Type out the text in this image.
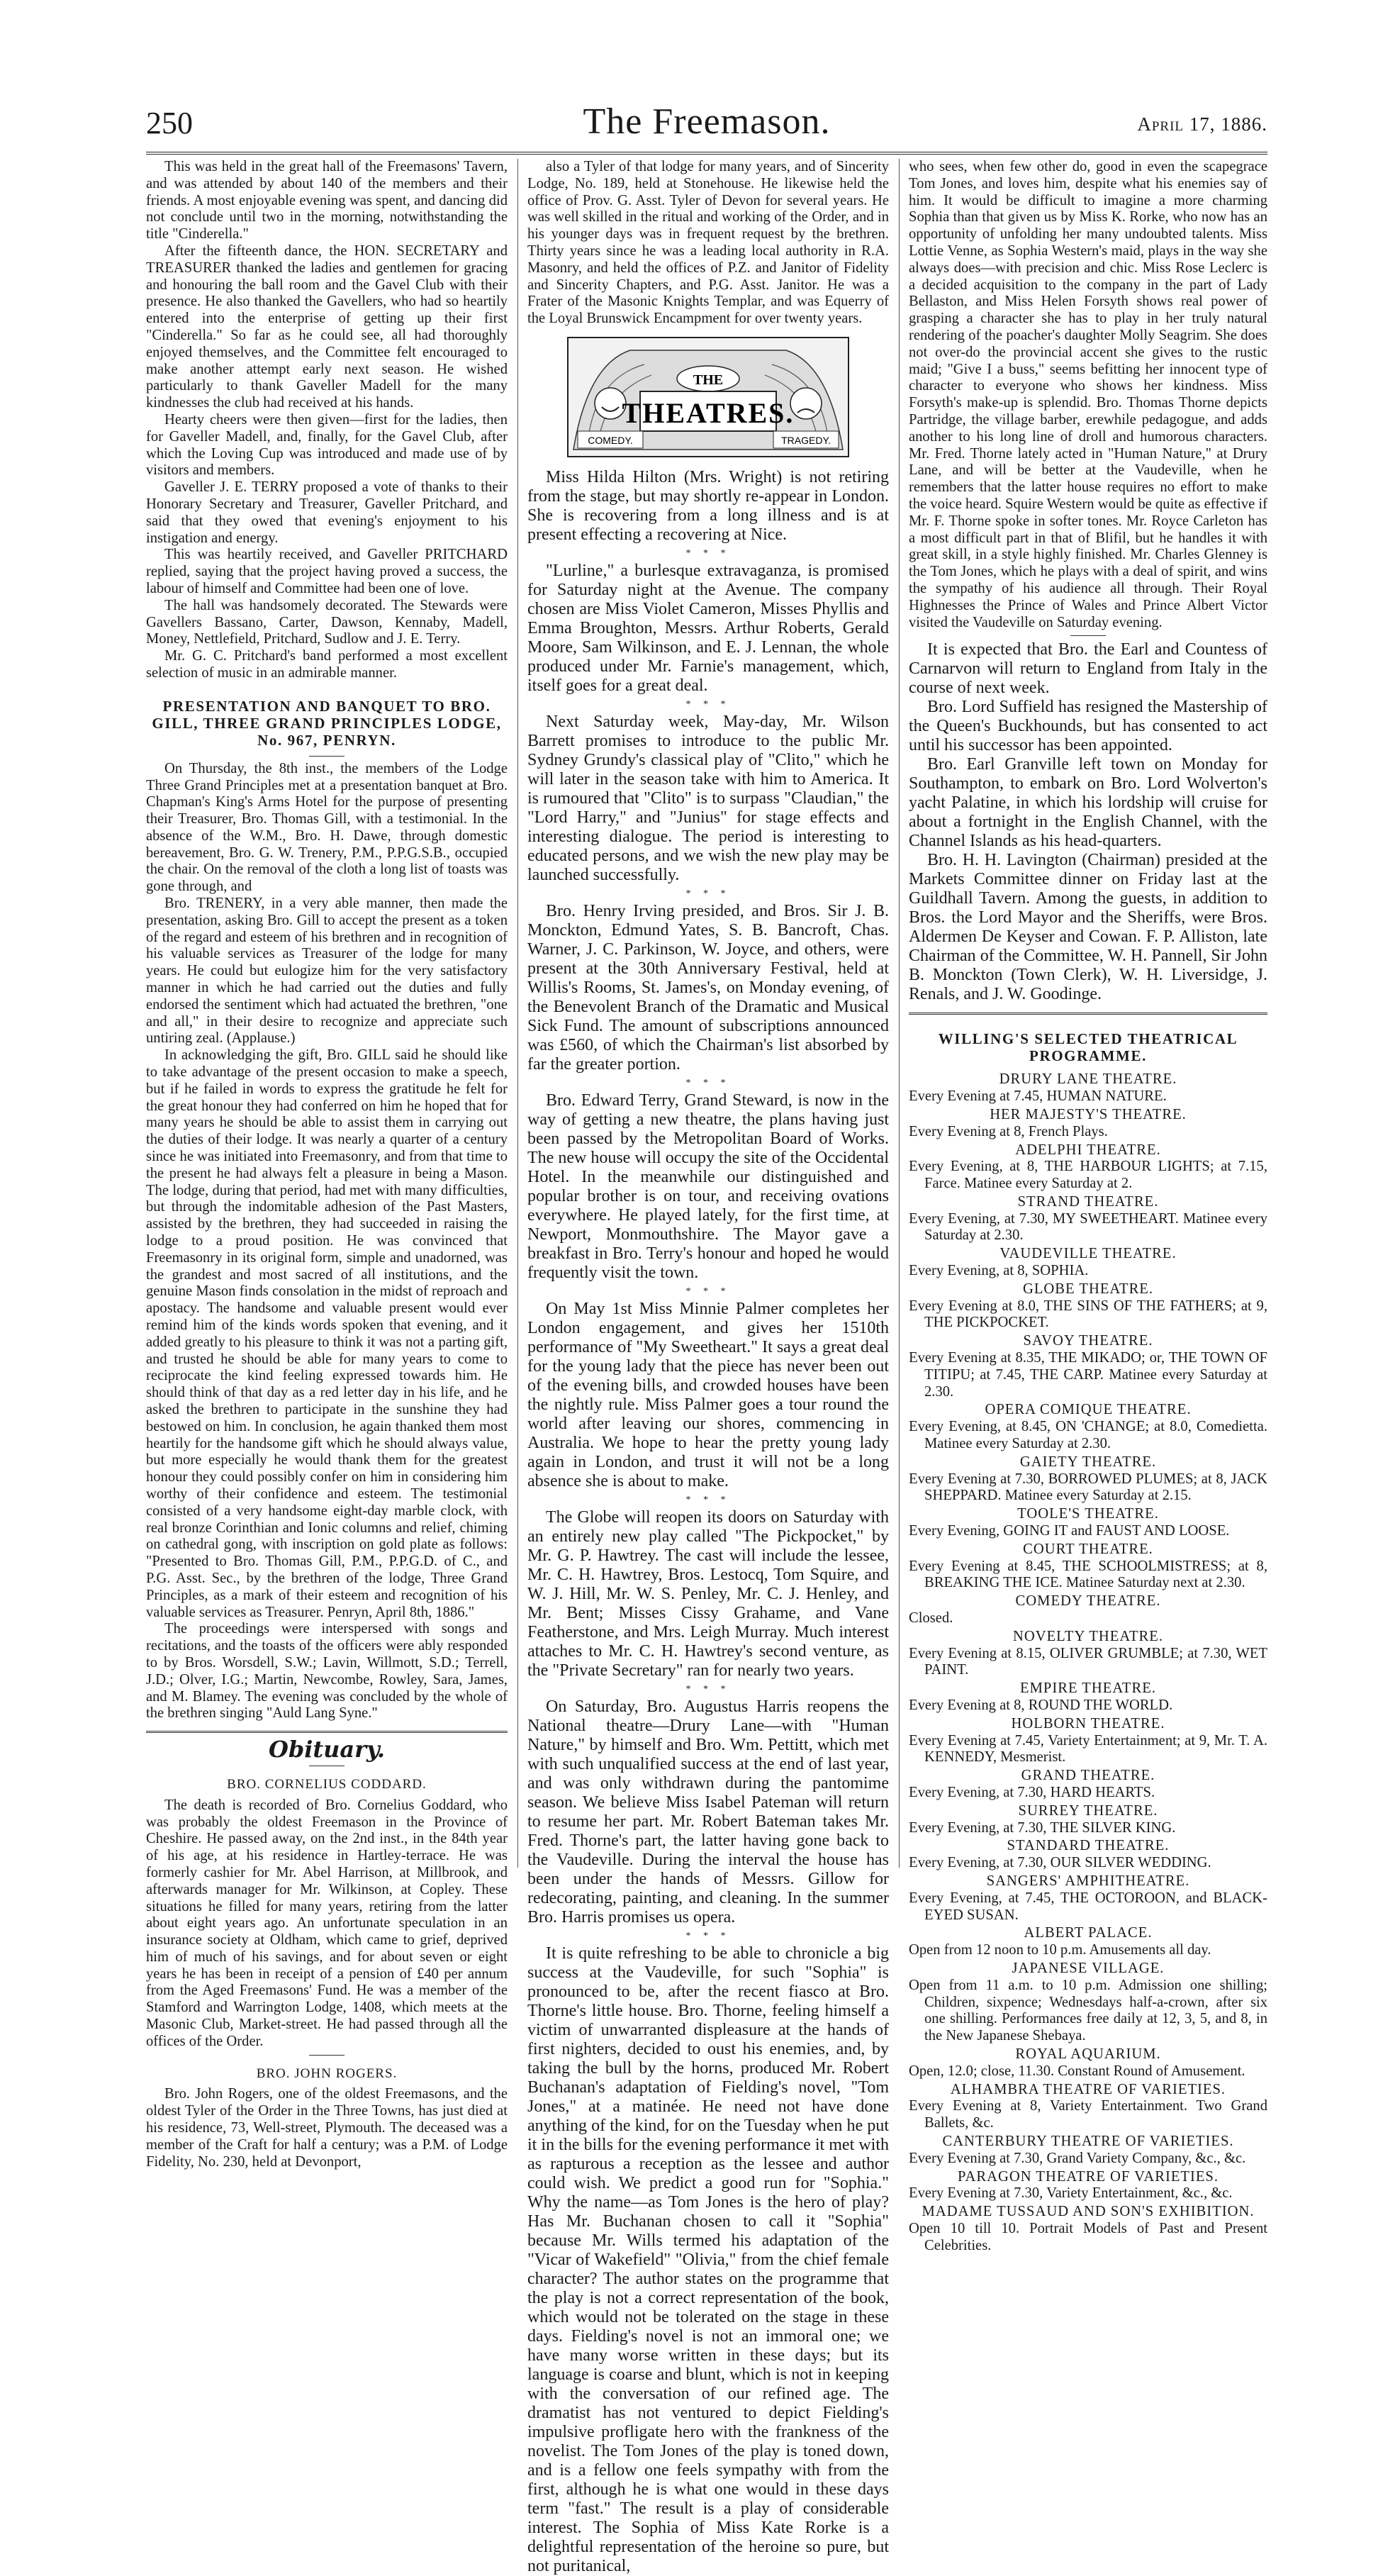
250	The Freemason.	April 17, 1886.

This was held in the great hall of the Freemasons' Tavern, and was attended by about 140 of the members and their friends. A most enjoyable evening was spent, and dancing did not conclude until two in the morning, notwithstanding the title "Cinderella."

After the fifteenth dance, the HON. SECRETARY and TREASURER thanked the ladies and gentlemen for gracing and honouring the ball room and the Gavel Club with their presence. He also thanked the Gavellers, who had so heartily entered into the enterprise of getting up their first "Cinderella." So far as he could see, all had thoroughly enjoyed themselves, and the Committee felt encouraged to make another attempt early next season. He wished particularly to thank Gaveller Madell for the many kindnesses the club had received at his hands.

Hearty cheers were then given—first for the ladies, then for Gaveller Madell, and, finally, for the Gavel Club, after which the Loving Cup was introduced and made use of by visitors and members.

Gaveller J. E. TERRY proposed a vote of thanks to their Honorary Secretary and Treasurer, Gaveller Pritchard, and said that they owed that evening's enjoyment to his instigation and energy.

This was heartily received, and Gaveller PRITCHARD replied, saying that the project having proved a success, the labour of himself and Committee had been one of love.

The hall was handsomely decorated. The Stewards were Gavellers Bassano, Carter, Dawson, Kennaby, Madell, Money, Nettlefield, Pritchard, Sudlow and J. E. Terry.

Mr. G. C. Pritchard's band performed a most excellent selection of music in an admirable manner.

PRESENTATION AND BANQUET TO BRO. GILL, THREE GRAND PRINCIPLES LODGE, No. 967, PENRYN.

On Thursday, the 8th inst., the members of the Lodge Three Grand Principles met at a presentation banquet at Bro. Chapman's King's Arms Hotel for the purpose of presenting their Treasurer, Bro. Thomas Gill, with a testimonial. In the absence of the W.M., Bro. H. Dawe, through domestic bereavement, Bro. G. W. Trenery, P.M., P.P.G.S.B., occupied the chair. On the removal of the cloth a long list of toasts was gone through, and

Bro. TRENERY, in a very able manner, then made the presentation, asking Bro. Gill to accept the present as a token of the regard and esteem of his brethren and in recognition of his valuable services as Treasurer of the lodge for many years. He could but eulogize him for the very satisfactory manner in which he had carried out the duties and fully endorsed the sentiment which had actuated the brethren, "one and all," in their desire to recognize and appreciate such untiring zeal. (Applause.)

In acknowledging the gift, Bro. GILL said he should like to take advantage of the present occasion to make a speech, but if he failed in words to express the gratitude he felt for the great honour they had conferred on him he hoped that for many years he should be able to assist them in carrying out the duties of their lodge. It was nearly a quarter of a century since he was initiated into Freemasonry, and from that time to the present he had always felt a pleasure in being a Mason. The lodge, during that period, had met with many difficulties, but through the indomitable adhesion of the Past Masters, assisted by the brethren, they had succeeded in raising the lodge to a proud position. He was convinced that Freemasonry in its original form, simple and unadorned, was the grandest and most sacred of all institutions, and the genuine Mason finds consolation in the midst of reproach and apostacy. The handsome and valuable present would ever remind him of the kinds words spoken that evening, and it added greatly to his pleasure to think it was not a parting gift, and trusted he should be able for many years to come to reciprocate the kind feeling expressed towards him. He should think of that day as a red letter day in his life, and he asked the brethren to participate in the sunshine they had bestowed on him. In conclusion, he again thanked them most heartily for the handsome gift which he should always value, but more especially he would thank them for the greatest honour they could possibly confer on him in considering him worthy of their confidence and esteem. The testimonial consisted of a very handsome eight-day marble clock, with real bronze Corinthian and Ionic columns and relief, chiming on cathedral gong, with inscription on gold plate as follows: "Presented to Bro. Thomas Gill, P.M., P.P.G.D. of C., and P.G. Asst. Sec., by the brethren of the lodge, Three Grand Principles, as a mark of their esteem and recognition of his valuable services as Treasurer. Penryn, April 8th, 1886."

The proceedings were interspersed with songs and recitations, and the toasts of the officers were ably responded to by Bros. Worsdell, S.W.; Lavin, Willmott, S.D.; Terrell, J.D.; Olver, I.G.; Martin, Newcombe, Rowley, Sara, James, and M. Blamey. The evening was concluded by the whole of the brethren singing "Auld Lang Syne."

Obituary.
BRO. CORNELIUS CODDARD.

The death is recorded of Bro. Cornelius Goddard, who was probably the oldest Freemason in the Province of Cheshire. He passed away, on the 2nd inst., in the 84th year of his age, at his residence in Hartley-terrace. He was formerly cashier for Mr. Abel Harrison, at Millbrook, and afterwards manager for Mr. Wilkinson, at Copley. These situations he filled for many years, retiring from the latter about eight years ago. An unfortunate speculation in an insurance society at Oldham, which came to grief, deprived him of much of his savings, and for about seven or eight years he has been in receipt of a pension of £40 per annum from the Aged Freemasons' Fund. He was a member of the Stamford and Warrington Lodge, 1408, which meets at the Masonic Club, Market-street. He had passed through all the offices of the Order.

BRO. JOHN ROGERS.

Bro. John Rogers, one of the oldest Freemasons, and the oldest Tyler of the Order in the Three Towns, has just died at his residence, 73, Well-street, Plymouth. The deceased was a member of the Craft for half a century; was a P.M. of Lodge Fidelity, No. 230, held at Devonport,

also a Tyler of that lodge for many years, and of Sincerity Lodge, No. 189, held at Stonehouse. He likewise held the office of Prov. G. Asst. Tyler of Devon for several years. He was well skilled in the ritual and working of the Order, and in his younger days was in frequent request by the brethren. Thirty years since he was a leading local authority in R.A. Masonry, and held the offices of P.Z. and Janitor of Fidelity and Sincerity Chapters, and P.G. Asst. Janitor. He was a Frater of the Masonic Knights Templar, and was Equerry of the Loyal Brunswick Encampment for over twenty years.

THE
THEATRES.
COMEDY.	TRAGEDY.

Miss Hilda Hilton (Mrs. Wright) is not retiring from the stage, but may shortly re-appear in London. She is recovering from a long illness and is at present effecting a recovering at Nice.

* * *

"Lurline," a burlesque extravaganza, is promised for Saturday night at the Avenue. The company chosen are Miss Violet Cameron, Misses Phyllis and Emma Broughton, Messrs. Arthur Roberts, Gerald Moore, Sam Wilkinson, and E. J. Lennan, the whole produced under Mr. Farnie's management, which, itself goes for a great deal.

* * *

Next Saturday week, May-day, Mr. Wilson Barrett promises to introduce to the public Mr. Sydney Grundy's classical play of "Clito," which he will later in the season take with him to America. It is rumoured that "Clito" is to surpass "Claudian," the "Lord Harry," and "Junius" for stage effects and interesting dialogue. The period is interesting to educated persons, and we wish the new play may be launched successfully.

* * *

Bro. Henry Irving presided, and Bros. Sir J. B. Monckton, Edmund Yates, S. B. Bancroft, Chas. Warner, J. C. Parkinson, W. Joyce, and others, were present at the 30th Anniversary Festival, held at Willis's Rooms, St. James's, on Monday evening, of the Benevolent Branch of the Dramatic and Musical Sick Fund. The amount of subscriptions announced was £560, of which the Chairman's list absorbed by far the greater portion.

* * *

Bro. Edward Terry, Grand Steward, is now in the way of getting a new theatre, the plans having just been passed by the Metropolitan Board of Works. The new house will occupy the site of the Occidental Hotel. In the meanwhile our distinguished and popular brother is on tour, and receiving ovations everywhere. He played lately, for the first time, at Newport, Monmouthshire. The Mayor gave a breakfast in Bro. Terry's honour and hoped he would frequently visit the town.

* * *

On May 1st Miss Minnie Palmer completes her London engagement, and gives her 1510th performance of "My Sweetheart." It says a great deal for the young lady that the piece has never been out of the evening bills, and crowded houses have been the nightly rule. Miss Palmer goes a tour round the world after leaving our shores, commencing in Australia. We hope to hear the pretty young lady again in London, and trust it will not be a long absence she is about to make.

* * *

The Globe will reopen its doors on Saturday with an entirely new play called "The Pickpocket," by Mr. G. P. Hawtrey. The cast will include the lessee, Mr. C. H. Hawtrey, Bros. Lestocq, Tom Squire, and W. J. Hill, Mr. W. S. Penley, Mr. C. J. Henley, and Mr. Bent; Misses Cissy Grahame, and Vane Featherstone, and Mrs. Leigh Murray. Much interest attaches to Mr. C. H. Hawtrey's second venture, as the "Private Secretary" ran for nearly two years.

* * *

On Saturday, Bro. Augustus Harris reopens the National theatre—Drury Lane—with "Human Nature," by himself and Bro. Wm. Pettitt, which met with such unqualified success at the end of last year, and was only withdrawn during the pantomime season. We believe Miss Isabel Pateman will return to resume her part. Mr. Robert Bateman takes Mr. Fred. Thorne's part, the latter having gone back to the Vaudeville. During the interval the house has been under the hands of Messrs. Gillow for redecorating, painting, and cleaning. In the summer Bro. Harris promises us opera.

* * *

It is quite refreshing to be able to chronicle a big success at the Vaudeville, for such "Sophia" is pronounced to be, after the recent fiasco at Bro. Thorne's little house. Bro. Thorne, feeling himself a victim of unwarranted displeasure at the hands of first nighters, decided to oust his enemies, and, by taking the bull by the horns, produced Mr. Robert Buchanan's adaptation of Fielding's novel, "Tom Jones," at a matinée. He need not have done anything of the kind, for on the Tuesday when he put it in the bills for the evening performance it met with as rapturous a reception as the lessee and author could wish. We predict a good run for "Sophia." Why the name—as Tom Jones is the hero of play? Has Mr. Buchanan chosen to call it "Sophia" because Mr. Wills termed his adaptation of the "Vicar of Wakefield" "Olivia," from the chief female character? The author states on the programme that the play is not a correct representation of the book, which would not be tolerated on the stage in these days. Fielding's novel is not an immoral one; we have many worse written in these days; but its language is coarse and blunt, which is not in keeping with the conversation of our refined age. The dramatist has not ventured to depict Fielding's impulsive profligate hero with the frankness of the novelist. The Tom Jones of the play is toned down, and is a fellow one feels sympathy with from the first, although he is what one would in these days term "fast." The result is a play of considerable interest. The Sophia of Miss Kate Rorke is a delightful representation of the heroine so pure, but not puritanical,

who sees, when few other do, good in even the scapegrace Tom Jones, and loves him, despite what his enemies say of him. It would be difficult to imagine a more charming Sophia than that given us by Miss K. Rorke, who now has an opportunity of unfolding her many undoubted talents. Miss Lottie Venne, as Sophia Western's maid, plays in the way she always does—with precision and chic. Miss Rose Leclerc is a decided acquisition to the company in the part of Lady Bellaston, and Miss Helen Forsyth shows real power of grasping a character she has to play in her truly natural rendering of the poacher's daughter Molly Seagrim. She does not over-do the provincial accent she gives to the rustic maid; "Give I a buss," seems befitting her innocent type of character to everyone who shows her kindness. Miss Forsyth's make-up is splendid. Bro. Thomas Thorne depicts Partridge, the village barber, erewhile pedagogue, and adds another to his long line of droll and humorous characters. Mr. Fred. Thorne lately acted in "Human Nature," at Drury Lane, and will be better at the Vaudeville, when he remembers that the latter house requires no effort to make the voice heard. Squire Western would be quite as effective if Mr. F. Thorne spoke in softer tones. Mr. Royce Carleton has a most difficult part in that of Blifil, but he handles it with great skill, in a style highly finished. Mr. Charles Glenney is the Tom Jones, which he plays with a deal of spirit, and wins the sympathy of his audience all through. Their Royal Highnesses the Prince of Wales and Prince Albert Victor visited the Vaudeville on Saturday evening.

It is expected that Bro. the Earl and Countess of Carnarvon will return to England from Italy in the course of next week.

Bro. Lord Suffield has resigned the Mastership of the Queen's Buckhounds, but has consented to act until his successor has been appointed.

Bro. Earl Granville left town on Monday for Southampton, to embark on Bro. Lord Wolverton's yacht Palatine, in which his lordship will cruise for about a fortnight in the English Channel, with the Channel Islands as his head-quarters.

Bro. H. H. Lavington (Chairman) presided at the Markets Committee dinner on Friday last at the Guildhall Tavern. Among the guests, in addition to Bros. the Lord Mayor and the Sheriffs, were Bros. Aldermen De Keyser and Cowan. F. P. Alliston, late Chairman of the Committee, W. H. Pannell, Sir John B. Monckton (Town Clerk), W. H. Liversidge, J. Renals, and J. W. Goodinge.

WILLING'S SELECTED THEATRICAL PROGRAMME.
DRURY LANE THEATRE.

Every Evening at 7.45, HUMAN NATURE.

HER MAJESTY'S THEATRE.

Every Evening at 8, French Plays.

ADELPHI THEATRE.

Every Evening, at 8, THE HARBOUR LIGHTS; at 7.15, Farce. Matinee every Saturday at 2.

STRAND THEATRE.

Every Evening, at 7.30, MY SWEETHEART. Matinee every Saturday at 2.30.

VAUDEVILLE THEATRE.

Every Evening, at 8, SOPHIA.

GLOBE THEATRE.

Every Evening at 8.0, THE SINS OF THE FATHERS; at 9, THE PICKPOCKET.

SAVOY THEATRE.

Every Evening at 8.35, THE MIKADO; or, THE TOWN OF TITIPU; at 7.45, THE CARP. Matinee every Saturday at 2.30.

OPERA COMIQUE THEATRE.

Every Evening, at 8.45, ON 'CHANGE; at 8.0, Comedietta. Matinee every Saturday at 2.30.

GAIETY THEATRE.

Every Evening at 7.30, BORROWED PLUMES; at 8, JACK SHEPPARD. Matinee every Saturday at 2.15.

TOOLE'S THEATRE.

Every Evening, GOING IT and FAUST AND LOOSE.

COURT THEATRE.

Every Evening at 8.45, THE SCHOOLMISTRESS; at 8, BREAKING THE ICE. Matinee Saturday next at 2.30.

COMEDY THEATRE.

Closed.

NOVELTY THEATRE.

Every Evening at 8.15, OLIVER GRUMBLE; at 7.30, WET PAINT.

EMPIRE THEATRE.

Every Evening at 8, ROUND THE WORLD.

HOLBORN THEATRE.

Every Evening at 7.45, Variety Entertainment; at 9, Mr. T. A. KENNEDY, Mesmerist.

GRAND THEATRE.

Every Evening, at 7.30, HARD HEARTS.

SURREY THEATRE.

Every Evening, at 7.30, THE SILVER KING.

STANDARD THEATRE.

Every Evening, at 7.30, OUR SILVER WEDDING.

SANGERS' AMPHITHEATRE.

Every Evening, at 7.45, THE OCTOROON, and BLACK-EYED SUSAN.

ALBERT PALACE.

Open from 12 noon to 10 p.m. Amusements all day.

JAPANESE VILLAGE.

Open from 11 a.m. to 10 p.m. Admission one shilling; Children, sixpence; Wednesdays half-a-crown, after six one shilling. Performances free daily at 12, 3, 5, and 8, in the New Japanese Shebaya.

ROYAL AQUARIUM.

Open, 12.0; close, 11.30. Constant Round of Amusement.

ALHAMBRA THEATRE OF VARIETIES.

Every Evening at 8, Variety Entertainment. Two Grand Ballets, &c.

CANTERBURY THEATRE OF VARIETIES.

Every Evening at 7.30, Grand Variety Company, &c., &c.

PARAGON THEATRE OF VARIETIES.

Every Evening at 7.30, Variety Entertainment, &c., &c.

MADAME TUSSAUD AND SON'S EXHIBITION.

Open 10 till 10. Portrait Models of Past and Present Celebrities.
